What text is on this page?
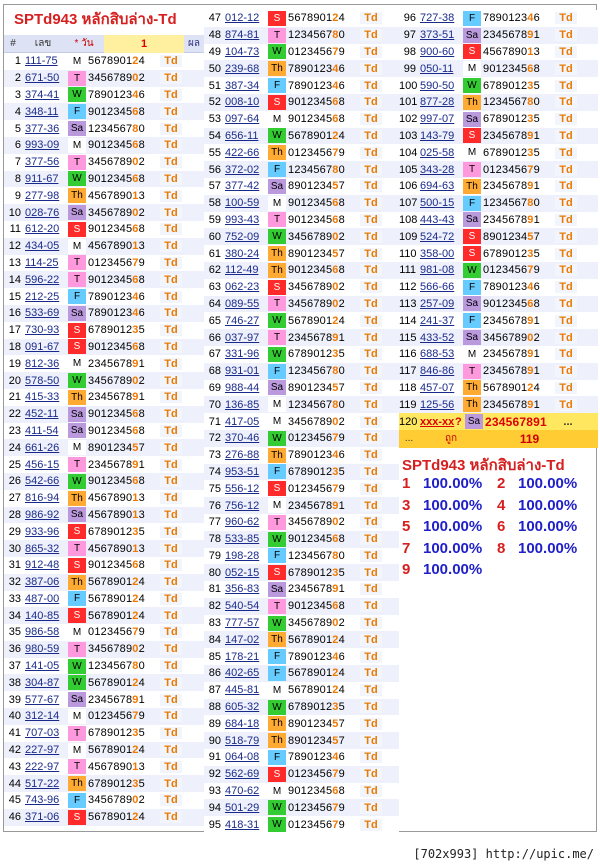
SPTd943 หลักสิบล่าง-Td
#	เลข	* วัน	1	ผล
1 111-75	M 567890124	Td
2 671-50	T 345678902	Td
3 374-41	W 789012346	Td
4 348-11	F 901234568	Td
5 377-36	Sa 123456780	Td
6 993-09	M 901234568	Td
7 377-56	T 345678902	Td
8 911-67	W 901234568	Td
9 277-98	Th 456789013	Td
10 028-76	Sa 345678902	Td
11 612-20	S 901234568	Td
12 434-05	M 456789013	Td
13 114-25	T 012345679	Td
14 596-22	T 901234568	Td
15 212-25	F 789012346	Td
16 533-69	Sa 789012346	Td
17 730-93	S 678901235	Td
18 091-67	S 901234568	Td
19 812-36	M 234567891	Td
20 578-50	W 345678902	Td
21 415-33	Th 234567891	Td
22 452-11	Sa 901234568	Td
23 411-54	Sa 901234568	Td
24 661-26	M 890123457	Td
25 456-15	T 234567891	Td
26 542-66	W 901234568	Td
27 816-94	Th 456789013	Td
28 986-92	Sa 456789013	Td
29 933-96	S 678901235	Td
30 865-32	T 456789013	Td
31 912-48	S 901234568	Td
32 387-06	Th 567890124	Td
33 487-00	F 567890124	Td
34 140-85	S 567890124	Td
35 986-58	M 012345679	Td
36 980-59	T 345678902	Td
37 141-05	W 123456780	Td
38 304-87	W 567890124	Td
39 577-67	Sa 234567891	Td
40 312-14	M 012345679	Td
41 707-03	T 678901235	Td
42 227-97	M 567890124	Td
43 222-97	T 456789013	Td
44 517-22	Th 678901235	Td
45 743-96	F 345678902	Td
46 371-06	S 567890124	Td
47 012-12	S 567890124	Td
48 874-81	T 123456780	Td
49 104-73	W 012345679	Td
50 239-68	Th 789012346	Td
51 387-34	F 789012346	Td
52 008-10	S 901234568	Td
53 097-64	M 901234568	Td
54 656-11	W 567890124	Td
55 422-66	Th 012345679	Td
56 372-02	F 123456780	Td
57 377-42	Sa 890123457	Td
58 100-59	M 901234568	Td
59 993-43	T 901234568	Td
60 752-09	W 345678902	Td
61 380-24	Th 890123457	Td
62 112-49	Th 901234568	Td
63 062-23	S 345678902	Td
64 089-55	T 345678902	Td
65 746-27	W 567890124	Td
66 037-97	T 234567891	Td
67 331-96	W 678901235	Td
68 931-01	F 123456780	Td
69 988-44	Sa 890123457	Td
70 136-85	M 123456780	Td
71 417-05	M 345678902	Td
72 370-46	W 012345679	Td
73 276-88	Th 789012346	Td
74 953-51	F 678901235	Td
75 556-12	S 012345679	Td
76 756-12	M 234567891	Td
77 960-62	T 345678902	Td
78 533-85	W 901234568	Td
79 198-28	F 123456780	Td
80 052-15	S 678901235	Td
81 356-83	Sa 234567891	Td
82 540-54	T 901234568	Td
83 777-57	W 345678902	Td
84 147-02	Th 567890124	Td
85 178-21	F 789012346	Td
86 402-65	F 567890124	Td
87 445-81	M 567890124	Td
88 605-32	W 678901235	Td
89 684-18	Th 890123457	Td
90 518-79	Th 890123457	Td
91 064-08	F 789012346	Td
92 562-69	S 012345679	Td
93 470-62	M 901234568	Td
94 501-29	W 012345679	Td
95 418-31	W 012345679	Td
96 727-38	F 789012346	Td
97 373-51	Sa 234567891	Td
98 900-60	S 456789013	Td
99 050-11	M 901234568	Td
100 590-50	W 678901235	Td
101 877-28	Th 123456780	Td
102 997-07	Sa 678901235	Td
103 143-79	S 234567891	Td
104 025-58	M 678901235	Td
105 343-28	T 012345679	Td
106 694-63	Th 234567891	Td
107 500-15	F 123456780	Td
108 443-43	Sa 234567891	Td
109 524-72	S 890123457	Td
110 358-00	S 678901235	Td
111 981-08	W 012345679	Td
112 566-66	F 789012346	Td
113 257-09	Sa 901234568	Td
114 241-37	F 234567891	Td
115 433-52	Sa 345678902	Td
116 688-53	M 234567891	Td
117 846-86	T 234567891	Td
118 457-07	Th 567890124	Td
119 125-56	Th 234567891	Td
120 xxx-xx ? Sa 234567891	...
...	ถูก	119
SPTd943 หลักสิบล่าง-Td
1 100.00% 2 100.00%
3 100.00% 4 100.00%
5 100.00% 6 100.00%
7 100.00% 8 100.00%
9 100.00%
[702x993] http://upic.me/
